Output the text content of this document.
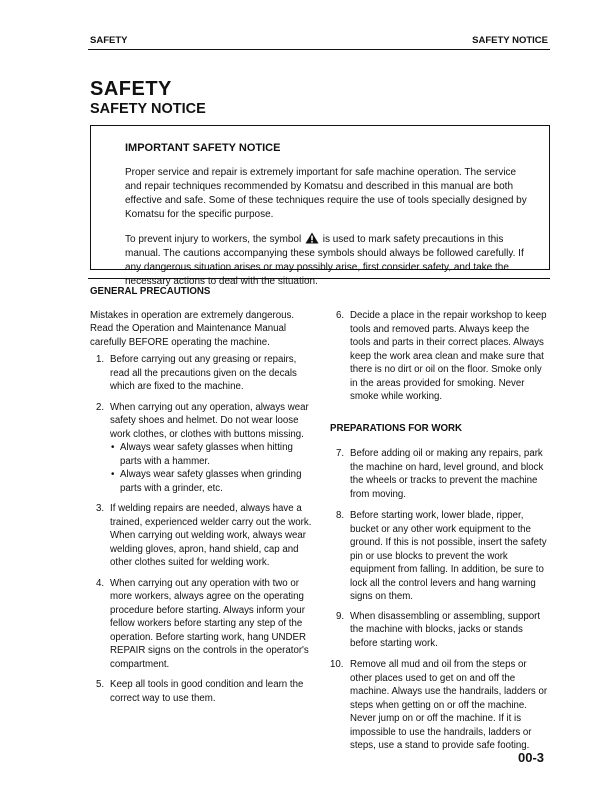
SAFETY	SAFETY NOTICE
SAFETY
SAFETY NOTICE
IMPORTANT SAFETY NOTICE

Proper service and repair is extremely important for safe machine operation. The service and repair techniques recommended by Komatsu and described in this manual are both effective and safe. Some of these techniques require the use of tools specially designed by Komatsu for the specific purpose.

To prevent injury to workers, the symbol is used to mark safety precautions in this manual. The cautions accompanying these symbols should always be followed carefully. If any dangerous situation arises or may possibly arise, first consider safety, and take the necessary actions to deal with the situation.

GENERAL PRECAUTIONS

Mistakes in operation are extremely dangerous. Read the Operation and Maintenance Manual carefully BEFORE operating the machine.

1. Before carrying out any greasing or repairs, read all the precautions given on the decals which are fixed to the machine.
2. When carrying out any operation, always wear safety shoes and helmet. Do not wear loose work clothes, or clothes with buttons missing.
• Always wear safety glasses when hitting parts with a hammer.
• Always wear safety glasses when grinding parts with a grinder, etc.
3. If welding repairs are needed, always have a trained, experienced welder carry out the work. When carrying out welding work, always wear welding gloves, apron, hand shield, cap and other clothes suited for welding work.
4. When carrying out any operation with two or more workers, always agree on the operating procedure before starting. Always inform your fellow workers before starting any step of the operation. Before starting work, hang UNDER REPAIR signs on the controls in the operator's compartment.
5. Keep all tools in good condition and learn the correct way to use them.
6. Decide a place in the repair workshop to keep tools and removed parts. Always keep the tools and parts in their correct places. Always keep the work area clean and make sure that there is no dirt or oil on the floor. Smoke only in the areas provided for smoking. Never smoke while working.

PREPARATIONS FOR WORK

7. Before adding oil or making any repairs, park the machine on hard, level ground, and block the wheels or tracks to prevent the machine from moving.
8. Before starting work, lower blade, ripper, bucket or any other work equipment to the ground. If this is not possible, insert the safety pin or use blocks to prevent the work equipment from falling. In addition, be sure to lock all the control levers and hang warning signs on them.
9. When disassembling or assembling, support the machine with blocks, jacks or stands before starting work.
10. Remove all mud and oil from the steps or other places used to get on and off the machine. Always use the handrails, ladders or steps when getting on or off the machine. Never jump on or off the machine. If it is impossible to use the handrails, ladders or steps, use a stand to provide safe footing.
00-3
